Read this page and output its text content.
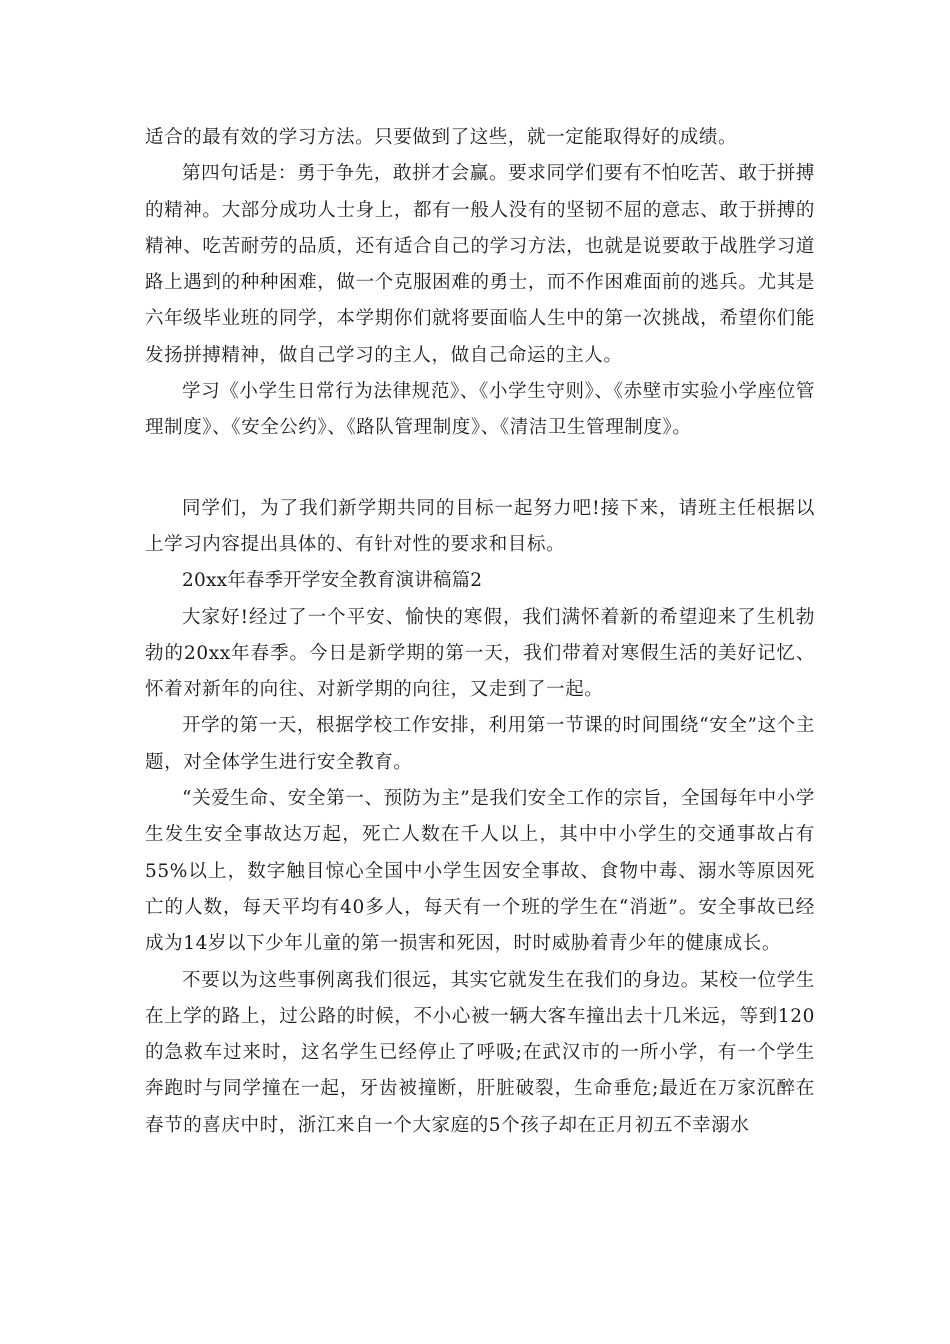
适合的最有效的学习方法。只要做到了这些，就一定能取得好的成绩。

第四句话是：勇于争先，敢拼才会赢。要求同学们要有不怕吃苦、敢于拼搏的精神。大部分成功人士身上，都有一般人没有的坚韧不屈的意志、敢于拼搏的精神、吃苦耐劳的品质，还有适合自己的学习方法，也就是说要敢于战胜学习道路上遇到的种种困难，做一个克服困难的勇士，而不作困难面前的逃兵。尤其是六年级毕业班的同学，本学期你们就将要面临人生中的第一次挑战，希望你们能发扬拼搏精神，做自己学习的主人，做自己命运的主人。

学习《小学生日常行为法律规范》、《小学生守则》、《赤壁市实验小学座位管理制度》、《安全公约》、《路队管理制度》、《清洁卫生管理制度》。

同学们，为了我们新学期共同的目标一起努力吧!接下来，请班主任根据以上学习内容提出具体的、有针对性的要求和目标。

20xx年春季开学安全教育演讲稿篇2

大家好!经过了一个平安、愉快的寒假，我们满怀着新的希望迎来了生机勃勃的20xx年春季。今日是新学期的第一天，我们带着对寒假生活的美好记忆、怀着对新年的向往、对新学期的向往，又走到了一起。

开学的第一天，根据学校工作安排，利用第一节课的时间围绕“安全”这个主题，对全体学生进行安全教育。

“关爱生命、安全第一、预防为主”是我们安全工作的宗旨，全国每年中小学生发生安全事故达万起，死亡人数在千人以上，其中中小学生的交通事故占有55%以上，数字触目惊心全国中小学生因安全事故、食物中毒、溺水等原因死亡的人数，每天平均有40多人，每天有一个班的学生在“消逝”。安全事故已经成为14岁以下少年儿童的第一损害和死因，时时威胁着青少年的健康成长。

不要以为这些事例离我们很远，其实它就发生在我们的身边。某校一位学生在上学的路上，过公路的时候，不小心被一辆大客车撞出去十几米远，等到120的急救车过来时，这名学生已经停止了呼吸;在武汉市的一所小学，有一个学生奔跑时与同学撞在一起，牙齿被撞断，肝脏破裂，生命垂危;最近在万家沉醉在春节的喜庆中时，浙江来自一个大家庭的5个孩子却在正月初五不幸溺水
